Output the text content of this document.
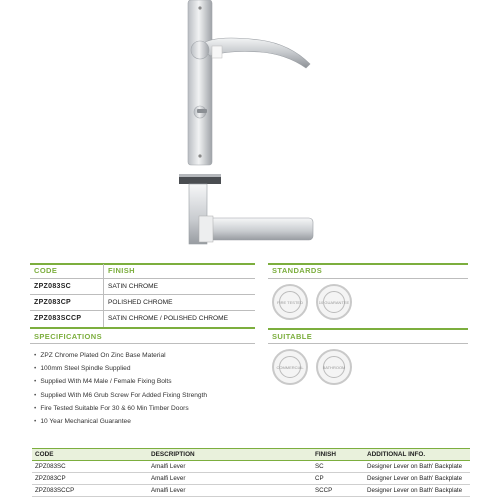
CODE	FINISH
ZPZ083SC	SATIN CHROME
ZPZ083CP	POLISHED CHROME
ZPZ083SCCP	SATIN CHROME / POLISHED CHROME
STANDARDS
FIRE TESTED	10 GUARANTEE
SPECIFICATIONS
• ZPZ Chrome Plated On Zinc Base Material
• 100mm Steel Spindle Supplied
• Supplied With M4 Male / Female Fixing Bolts
• Supplied With M6 Grub Screw For Added Fixing Strength
• Fire Tested Suitable For 30 & 60 Min Timber Doors
• 10 Year Mechanical Guarantee
SUITABLE
COMMERCIAL	BATHROOM
CODE	DESCRIPTION	FINISH	ADDITIONAL INFO.
ZPZ083SC	Amalfi Lever	SC	Designer Lever on Bath' Backplate
ZPZ083CP	Amalfi Lever	CP	Designer Lever on Bath' Backplate
ZPZ083SCCP	Amalfi Lever	SCCP	Designer Lever on Bath' Backplate
